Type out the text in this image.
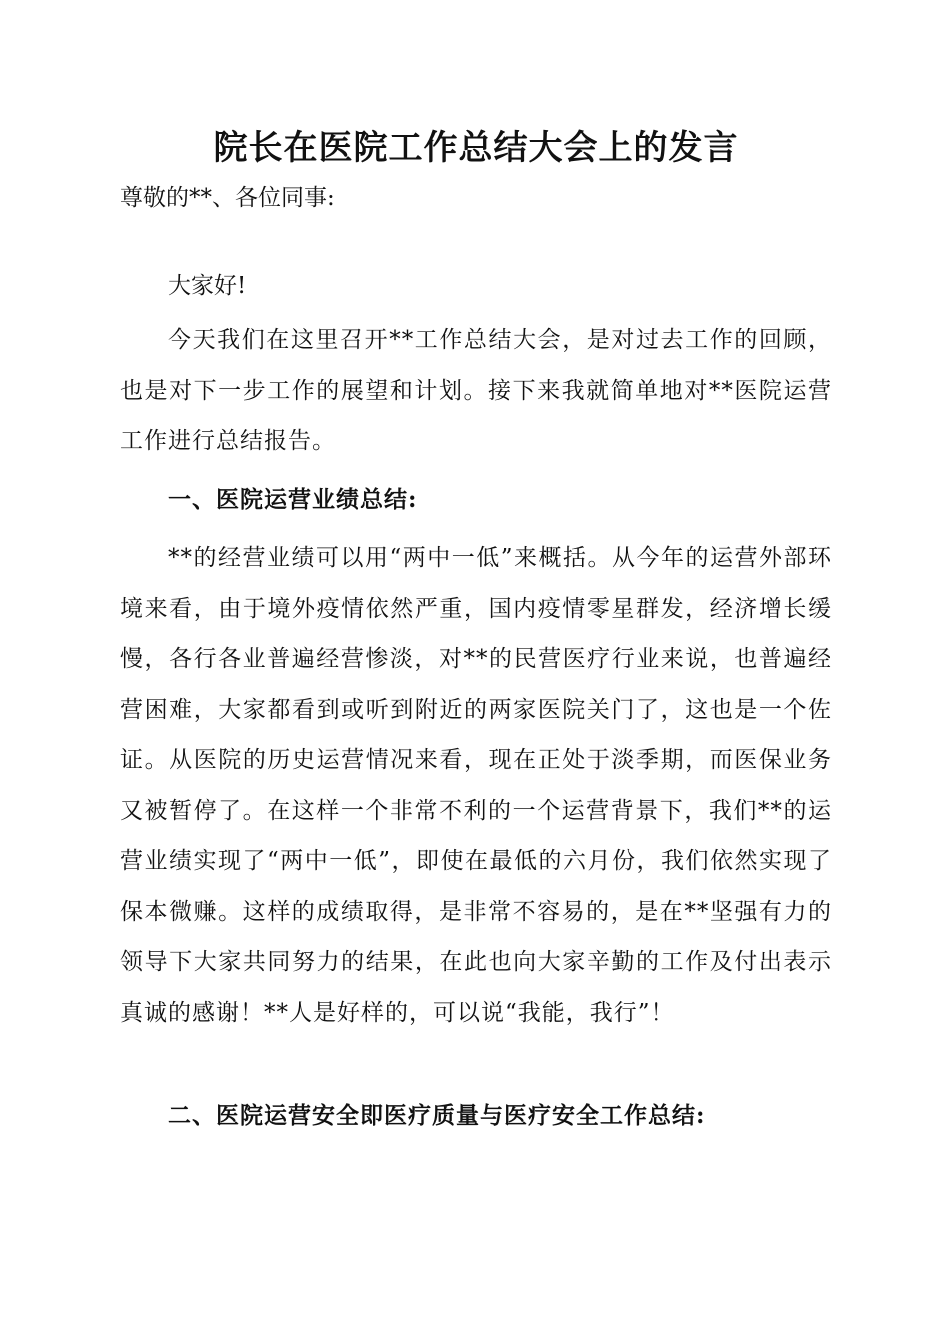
院长在医院工作总结大会上的发言

尊敬的**、各位同事:

大家好!

今天我们在这里召开**工作总结大会，是对过去工作的回顾，也是对下一步工作的展望和计划。接下来我就简单地对**医院运营工作进行总结报告。

一、医院运营业绩总结:

**的经营业绩可以用“两中一低”来概括。从今年的运营外部环境来看，由于境外疫情依然严重，国内疫情零星群发，经济增长缓慢，各行各业普遍经营惨淡，对**的民营医疗行业来说，也普遍经营困难，大家都看到或听到附近的两家医院关门了，这也是一个佐证。从医院的历史运营情况来看，现在正处于淡季期，而医保业务又被暂停了。在这样一个非常不利的一个运营背景下，我们**的运营业绩实现了“两中一低”，即使在最低的六月份，我们依然实现了保本微赚。这样的成绩取得，是非常不容易的，是在**坚强有力的领导下大家共同努力的结果，在此也向大家辛勤的工作及付出表示真诚的感谢！**人是好样的，可以说“我能，我行”！

二、医院运营安全即医疗质量与医疗安全工作总结:
